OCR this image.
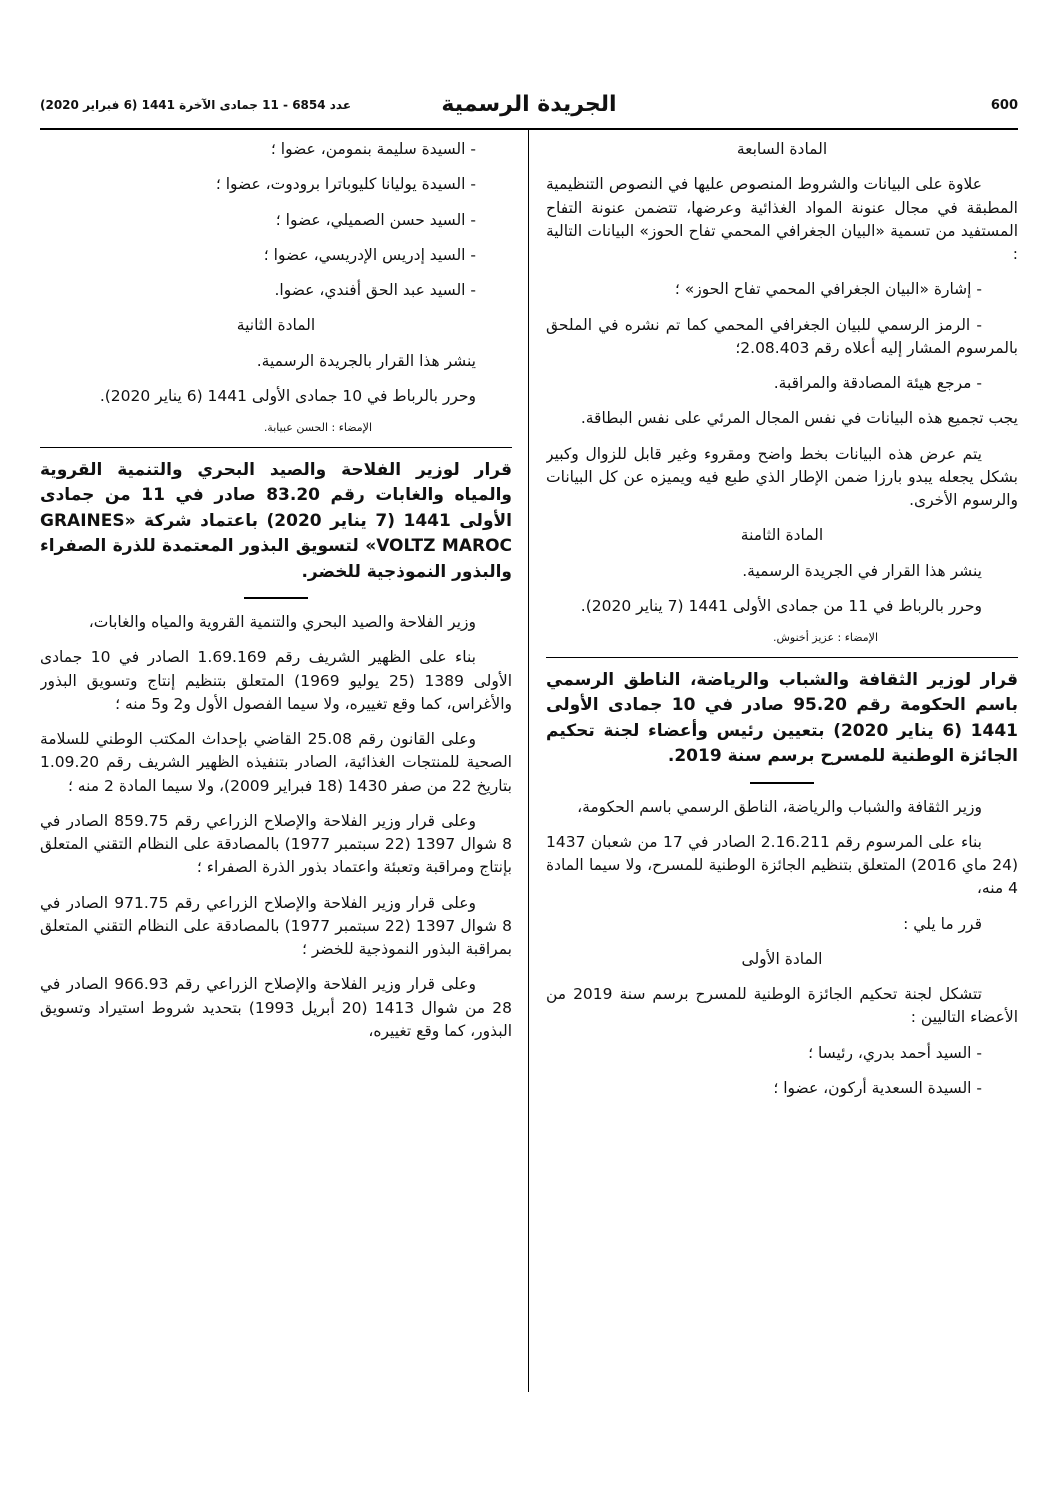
600
الجريدة الرسمية
عدد 6854 - 11 جمادى الآخرة 1441 (6 فبراير 2020)

المادة السابعة

علاوة على البيانات والشروط المنصوص عليها في النصوص التنظيمية المطبقة في مجال عنونة المواد الغذائية وعرضها، تتضمن عنونة التفاح المستفيد من تسمية «البيان الجغرافي المحمي تفاح الحوز» البيانات التالية :

- إشارة «البيان الجغرافي المحمي تفاح الحوز» ؛

- الرمز الرسمي للبيان الجغرافي المحمي كما تم نشره في الملحق بالمرسوم المشار إليه أعلاه رقم 2.08.403؛

- مرجع هيئة المصادقة والمراقبة.

يجب تجميع هذه البيانات في نفس المجال المرئي على نفس البطاقة.

يتم عرض هذه البيانات بخط واضح ومقروء وغير قابل للزوال وكبير بشكل يجعله يبدو بارزا ضمن الإطار الذي طبع فيه ويميزه عن كل البيانات والرسوم الأخرى.

المادة الثامنة

ينشر هذا القرار في الجريدة الرسمية.

وحرر بالرباط في 11 من جمادى الأولى 1441 (7 يناير 2020).

الإمضاء : عزيز أخنوش.

قرار لوزير الثقافة والشباب والرياضة، الناطق الرسمي باسم الحكومة رقم 95.20 صادر في 10 جمادى الأولى 1441 (6 يناير 2020) بتعيين رئيس وأعضاء لجنة تحكيم الجائزة الوطنية للمسرح برسم سنة 2019.

وزير الثقافة والشباب والرياضة، الناطق الرسمي باسم الحكومة،

بناء على المرسوم رقم 2.16.211 الصادر في 17 من شعبان 1437 (24 ماي 2016) المتعلق بتنظيم الجائزة الوطنية للمسرح، ولا سيما المادة 4 منه،

قرر ما يلي :

المادة الأولى

تتشكل لجنة تحكيم الجائزة الوطنية للمسرح برسم سنة 2019 من الأعضاء التاليين :

- السيد أحمد بدري، رئيسا ؛

- السيدة السعدية أركون، عضوا ؛

- السيدة سليمة بنمومن، عضوا ؛

- السيدة يوليانا كليوباترا برودوت، عضوا ؛

- السيد حسن الصميلي، عضوا ؛

- السيد إدريس الإدريسي، عضوا ؛

- السيد عبد الحق أفندي، عضوا.

المادة الثانية

ينشر هذا القرار بالجريدة الرسمية.

وحرر بالرباط في 10 جمادى الأولى 1441 (6 يناير 2020).

الإمضاء : الحسن عبيابة.

قرار لوزير الفلاحة والصيد البحري والتنمية القروية والمياه والغابات رقم 83.20 صادر في 11 من جمادى الأولى 1441 (7 يناير 2020) باعتماد شركة «GRAINES VOLTZ MAROC» لتسويق البذور المعتمدة للذرة الصفراء والبذور النموذجية للخضر.

وزير الفلاحة والصيد البحري والتنمية القروية والمياه والغابات،

بناء على الظهير الشريف رقم 1.69.169 الصادر في 10 جمادى الأولى 1389 (25 يوليو 1969) المتعلق بتنظيم إنتاج وتسويق البذور والأغراس، كما وقع تغييره، ولا سيما الفصول الأول و2 و5 منه ؛

وعلى القانون رقم 25.08 القاضي بإحداث المكتب الوطني للسلامة الصحية للمنتجات الغذائية، الصادر بتنفيذه الظهير الشريف رقم 1.09.20 بتاريخ 22 من صفر 1430 (18 فبراير 2009)، ولا سيما المادة 2 منه ؛

وعلى قرار وزير الفلاحة والإصلاح الزراعي رقم 859.75 الصادر في 8 شوال 1397 (22 سبتمبر 1977) بالمصادقة على النظام التقني المتعلق بإنتاج ومراقبة وتعبئة واعتماد بذور الذرة الصفراء ؛

وعلى قرار وزير الفلاحة والإصلاح الزراعي رقم 971.75 الصادر في 8 شوال 1397 (22 سبتمبر 1977) بالمصادقة على النظام التقني المتعلق بمراقبة البذور النموذجية للخضر ؛

وعلى قرار وزير الفلاحة والإصلاح الزراعي رقم 966.93 الصادر في 28 من شوال 1413 (20 أبريل 1993) بتحديد شروط استيراد وتسويق البذور، كما وقع تغييره،
